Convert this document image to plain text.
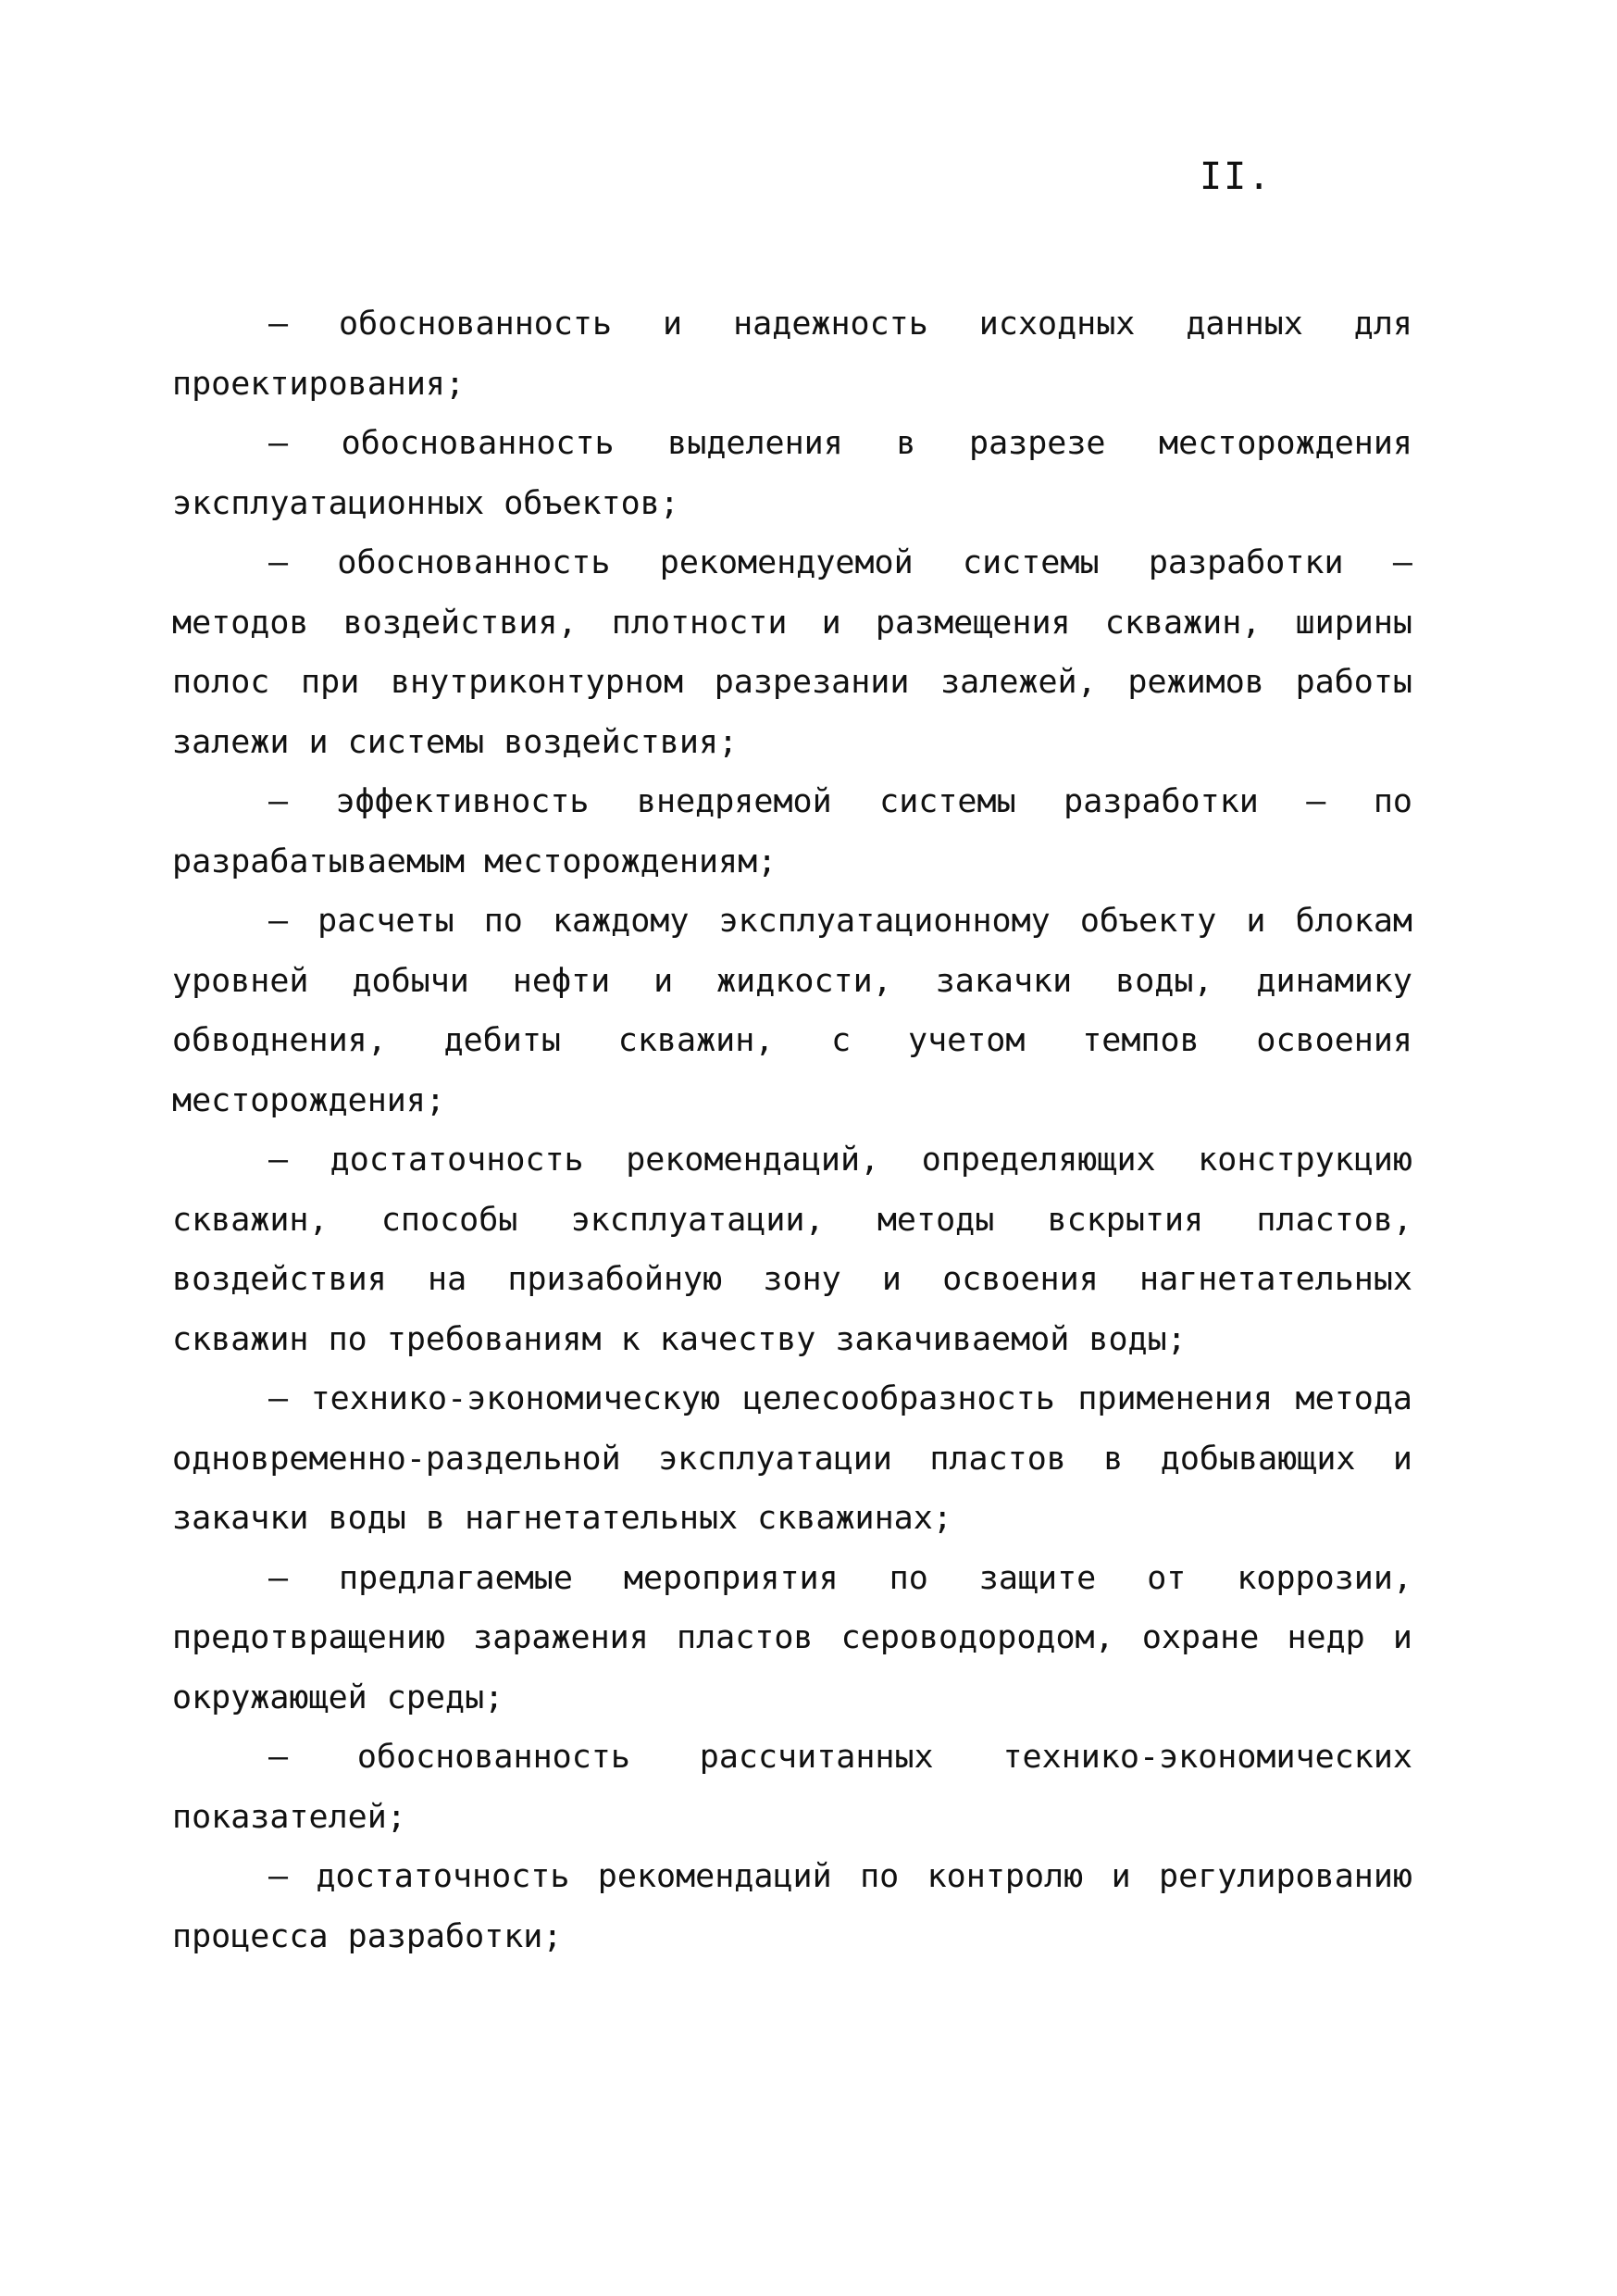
II.

– обоснованность и надежность исходных данных для проектирования;

– обоснованность выделения в разрезе месторождения эксплуатационных объектов;

– обоснованность рекомендуемой системы разработки – методов воздействия, плотности и размещения скважин, ширины полос при внутриконтурном разрезании залежей, режимов работы залежи и системы воздействия;

– эффективность внедряемой системы разработки – по разрабатываемым месторождениям;

– расчеты по каждому эксплуатационному объекту и блокам уровней добычи нефти и жидкости, закачки воды, динамику обводнения, дебиты скважин, с учетом темпов освоения месторождения;

– достаточность рекомендаций, определяющих конструкцию скважин, способы эксплуатации, методы вскрытия пластов, воздействия на призабойную зону и освоения нагнетательных скважин по требованиям к качеству закачиваемой воды;

– технико-экономическую целесообразность применения метода одновременно-раздельной эксплуатации пластов в добывающих и закачки воды в нагнетательных скважинах;

– предлагаемые мероприятия по защите от коррозии, предотвращению заражения пластов сероводородом, охране недр и окружающей среды;

– обоснованность рассчитанных технико-экономических показателей;

– достаточность рекомендаций по контролю и регулированию процесса разработки;
